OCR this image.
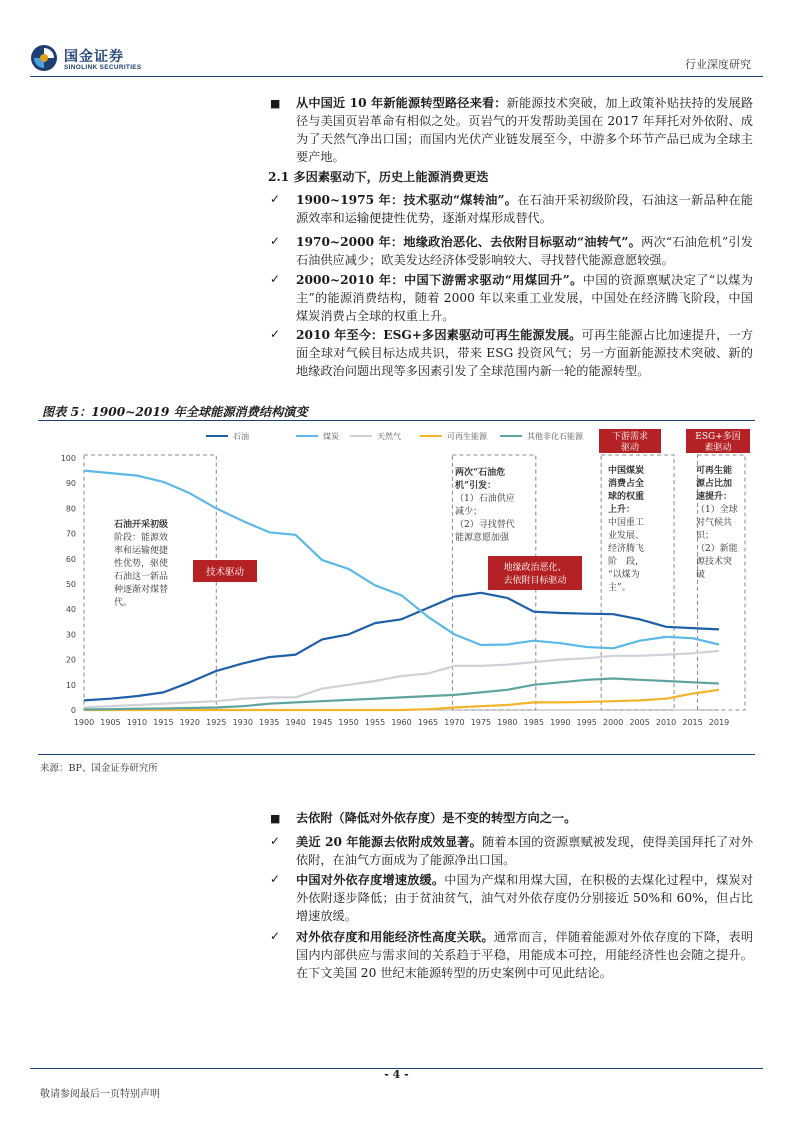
国金证券
SINOLINK SECURITIES	行业深度研究
■ 从中国近 10 年新能源转型路径来看：新能源技术突破，加上政策补贴扶持的发展路径与美国页岩革命有相似之处。页岩气的开发帮助美国在 2017 年拜托对外依附、成为了天然气净出口国；而国内光伏产业链发展至今，中游多个环节产品已成为全球主要产地。
2.1 多因素驱动下，历史上能源消费更迭
✓ 1900~1975 年：技术驱动“煤转油”。在石油开采初级阶段，石油这一新品种在能源效率和运输便捷性优势，逐渐对煤形成替代。
✓ 1970~2000 年：地缘政治恶化、去依附目标驱动“油转气”。两次“石油危机”引发石油供应减少；欧美发达经济体受影响较大、寻找替代能源意愿较强。
✓ 2000~2010 年：中国下游需求驱动“用煤回升”。中国的资源禀赋决定了“以煤为主”的能源消费结构，随着 2000 年以来重工业发展，中国处在经济腾飞阶段，中国煤炭消费占全球的权重上升。
✓ 2010 年至今：ESG+多因素驱动可再生能源发展。可再生能源占比加速提升，一方面全球对气候目标达成共识，带来 ESG 投资风气；另一方面新能源技术突破、新的地缘政治问题出现等多因素引发了全球范围内新一轮的能源转型。
图表 5：1900~2019 年全球能源消费结构演变
石油	煤炭	天然气	可再生能源	其他非化石能源
0
10
20
30
40
50
60
70
80
90
100
1900 1905 1910 1915 1920 1925 1930 1935 1940 1945 1950 1955 1960 1965 1970 1975 1980 1985 1990 1995 2000 2005 2010 2015 2019
石油开采初级
阶段：能源效
率和运输便捷
性优势，驱使
石油这一新品
种逐渐对煤替
代。
技术驱动
两次“石油危
机”引发：
（1）石油供应
减少；
（2）寻找替代
能源意愿加强
地缘政治恶化、
去依附目标驱动
下游需求
驱动
中国煤炭
消费占全
球的权重
上升：
中国重工
业发展、
经济腾飞
阶　段，
“以煤为
主”。
ESG+多因
素驱动
可再生能
源占比加
速提升：
（1）全球
对气候共
识；
（2）新能
源技术突
破
来源：BP、国金证券研究所
■ 去依附（降低对外依存度）是不变的转型方向之一。
✓ 美近 20 年能源去依附成效显著。随着本国的资源禀赋被发现，使得美国拜托了对外依附，在油气方面成为了能源净出口国。
✓ 中国对外依存度增速放缓。中国为产煤和用煤大国，在积极的去煤化过程中，煤炭对外依附逐步降低；由于贫油贫气，油气对外依存度仍分别接近 50%和 60%，但占比增速放缓。
✓ 对外依存度和用能经济性高度关联。通常而言，伴随着能源对外依存度的下降，表明国内内部供应与需求间的关系趋于平稳，用能成本可控，用能经济性也会随之提升。在下文美国 20 世纪末能源转型的历史案例中可见此结论。
- 4 -
敬请参阅最后一页特别声明
